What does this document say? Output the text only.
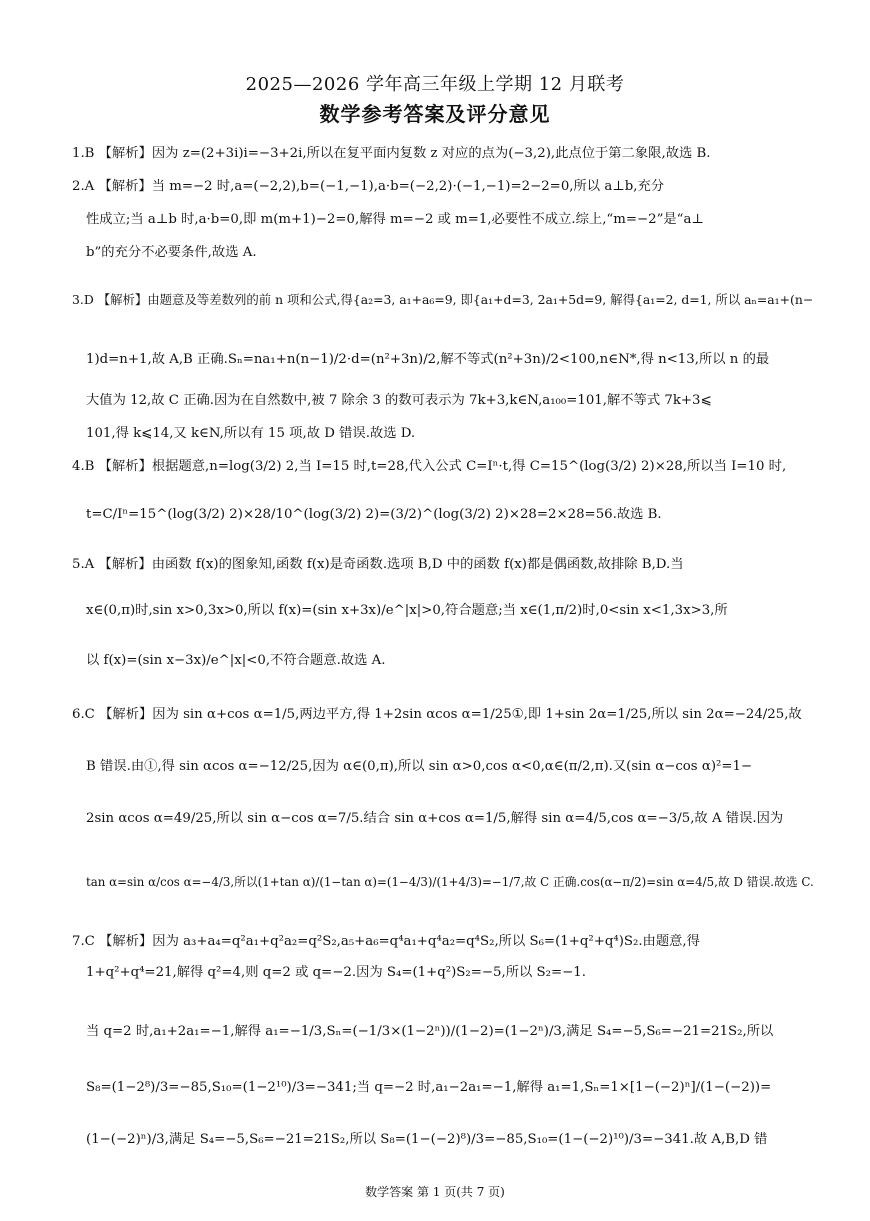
2025—2026 学年高三年级上学期 12 月联考
数学参考答案及评分意见
1.B 【解析】因为 z=(2+3i)i=−3+2i,所以在复平面内复数 z 对应的点为(−3,2),此点位于第二象限,故选 B.
2.A 【解析】当 m=−2 时,a=(−2,2),b=(−1,−1),a·b=(−2,2)·(−1,−1)=2−2=0,所以 a⊥b,充分
性成立;当 a⊥b 时,a·b=0,即 m(m+1)−2=0,解得 m=−2 或 m=1,必要性不成立.综上,“m=−2”是“a⊥
b”的充分不必要条件,故选 A.
3.D 【解析】由题意及等差数列的前 n 项和公式,得{a₂=3, a₁+a₆=9, 即{a₁+d=3, 2a₁+5d=9, 解得{a₁=2, d=1, 所以 aₙ=a₁+(n−
1)d=n+1,故 A,B 正确.Sₙ=na₁+n(n−1)/2·d=(n²+3n)/2,解不等式(n²+3n)/2<100,n∈N*,得 n<13,所以 n 的最
大值为 12,故 C 正确.因为在自然数中,被 7 除余 3 的数可表示为 7k+3,k∈N,a₁₀₀=101,解不等式 7k+3⩽
101,得 k⩽14,又 k∈N,所以有 15 项,故 D 错误.故选 D.
4.B 【解析】根据题意,n=log(3/2) 2,当 I=15 时,t=28,代入公式 C=Iⁿ·t,得 C=15^(log(3/2) 2)×28,所以当 I=10 时,
t=C/Iⁿ=15^(log(3/2) 2)×28/10^(log(3/2) 2)=(3/2)^(log(3/2) 2)×28=2×28=56.故选 B.
5.A 【解析】由函数 f(x)的图象知,函数 f(x)是奇函数.选项 B,D 中的函数 f(x)都是偶函数,故排除 B,D.当
x∈(0,π)时,sin x>0,3x>0,所以 f(x)=(sin x+3x)/e^|x|>0,符合题意;当 x∈(1,π/2)时,0<sin x<1,3x>3,所
以 f(x)=(sin x−3x)/e^|x|<0,不符合题意.故选 A.
6.C 【解析】因为 sin α+cos α=1/5,两边平方,得 1+2sin αcos α=1/25①,即 1+sin 2α=1/25,所以 sin 2α=−24/25,故
B 错误.由①,得 sin αcos α=−12/25,因为 α∈(0,π),所以 sin α>0,cos α<0,α∈(π/2,π).又(sin α−cos α)²=1−
2sin αcos α=49/25,所以 sin α−cos α=7/5.结合 sin α+cos α=1/5,解得 sin α=4/5,cos α=−3/5,故 A 错误.因为
tan α=sin α/cos α=−4/3,所以(1+tan α)/(1−tan α)=(1−4/3)/(1+4/3)=−1/7,故 C 正确.cos(α−π/2)=sin α=4/5,故 D 错误.故选 C.
7.C 【解析】因为 a₃+a₄=q²a₁+q²a₂=q²S₂,a₅+a₆=q⁴a₁+q⁴a₂=q⁴S₂,所以 S₆=(1+q²+q⁴)S₂.由题意,得
1+q²+q⁴=21,解得 q²=4,则 q=2 或 q=−2.因为 S₄=(1+q²)S₂=−5,所以 S₂=−1.
当 q=2 时,a₁+2a₁=−1,解得 a₁=−1/3,Sₙ=(−1/3×(1−2ⁿ))/(1−2)=(1−2ⁿ)/3,满足 S₄=−5,S₆=−21=21S₂,所以
S₈=(1−2⁸)/3=−85,S₁₀=(1−2¹⁰)/3=−341;当 q=−2 时,a₁−2a₁=−1,解得 a₁=1,Sₙ=1×[1−(−2)ⁿ]/(1−(−2))=
(1−(−2)ⁿ)/3,满足 S₄=−5,S₆=−21=21S₂,所以 S₈=(1−(−2)⁸)/3=−85,S₁₀=(1−(−2)¹⁰)/3=−341.故 A,B,D 错
数学答案 第 1 页(共 7 页)
